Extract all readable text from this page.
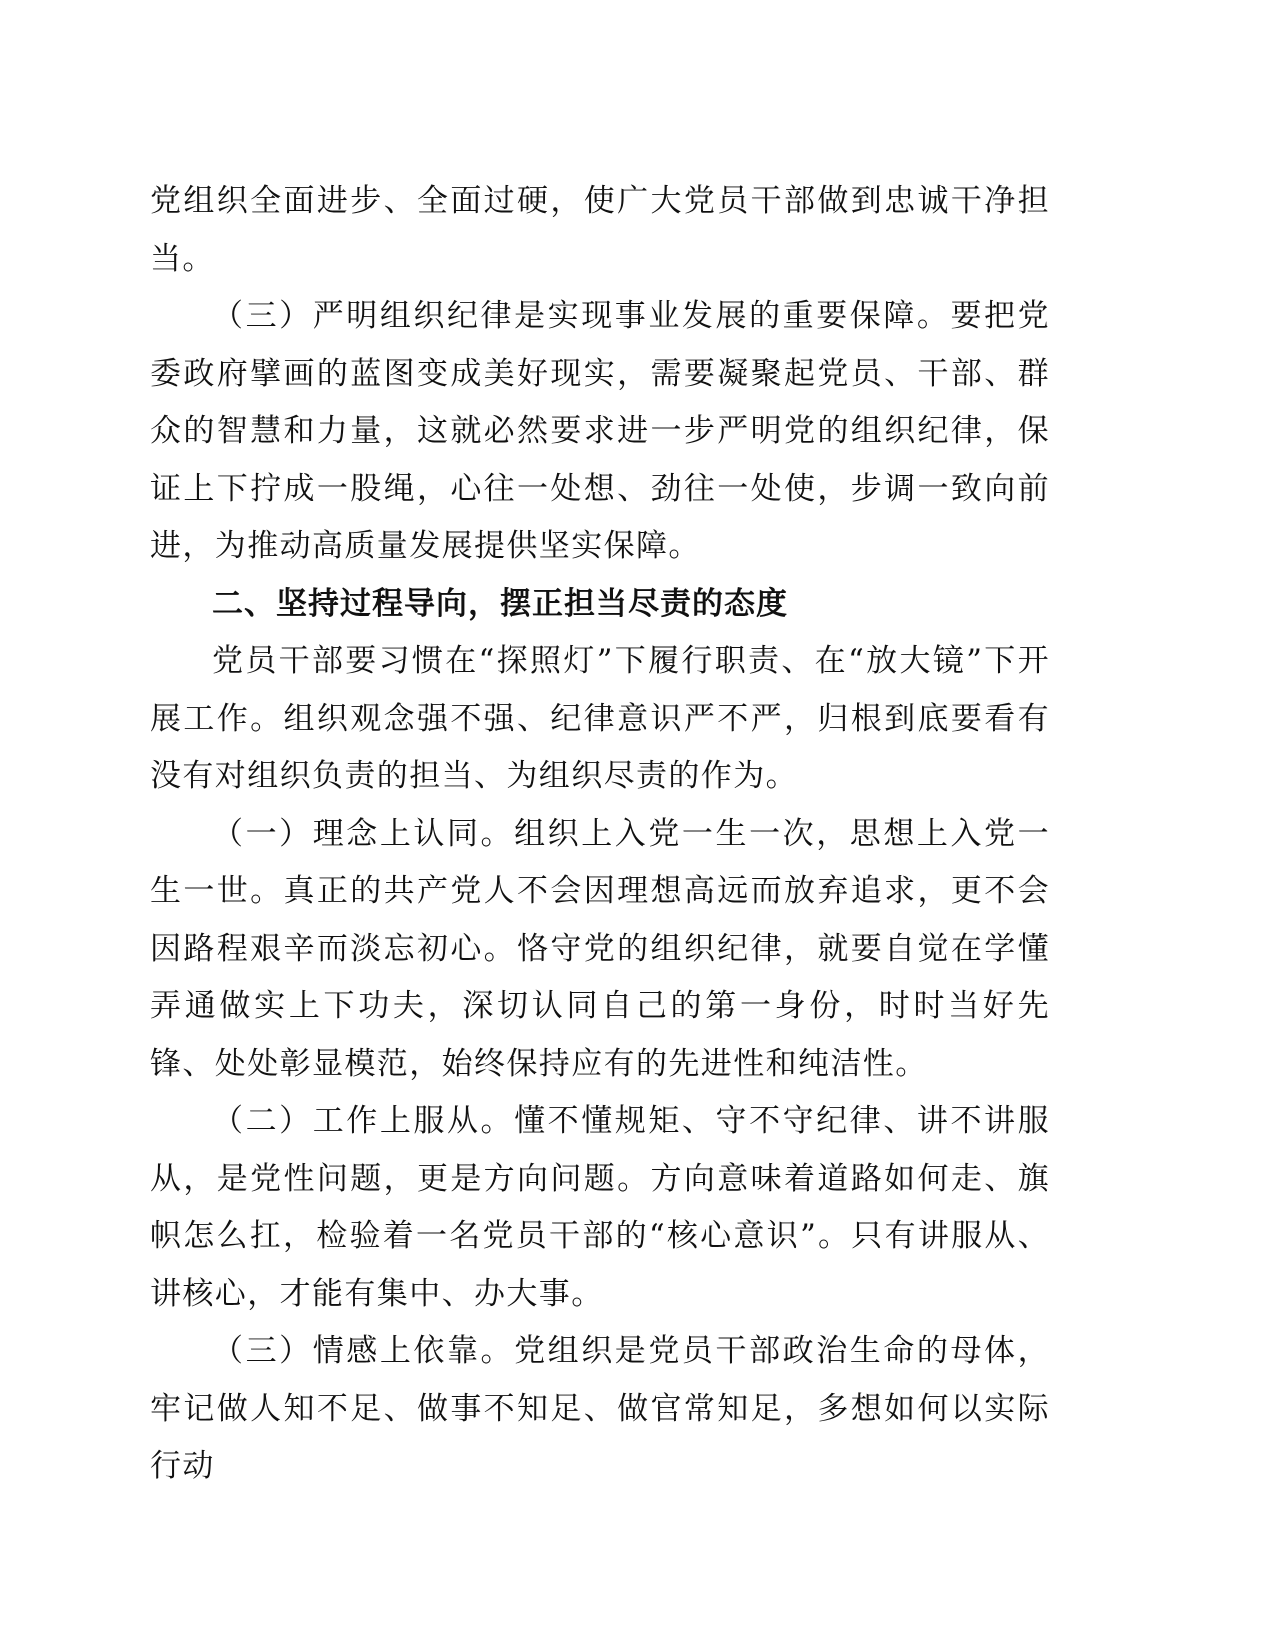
党组织全面进步、全面过硬，使广大党员干部做到忠诚干净担当。

（三）严明组织纪律是实现事业发展的重要保障。要把党委政府擘画的蓝图变成美好现实，需要凝聚起党员、干部、群众的智慧和力量，这就必然要求进一步严明党的组织纪律，保证上下拧成一股绳，心往一处想、劲往一处使，步调一致向前进，为推动高质量发展提供坚实保障。

二、坚持过程导向，摆正担当尽责的态度

党员干部要习惯在“探照灯”下履行职责、在“放大镜”下开展工作。组织观念强不强、纪律意识严不严，归根到底要看有没有对组织负责的担当、为组织尽责的作为。

（一）理念上认同。组织上入党一生一次，思想上入党一生一世。真正的共产党人不会因理想高远而放弃追求，更不会因路程艰辛而淡忘初心。恪守党的组织纪律，就要自觉在学懂弄通做实上下功夫，深切认同自己的第一身份，时时当好先锋、处处彰显模范，始终保持应有的先进性和纯洁性。

（二）工作上服从。懂不懂规矩、守不守纪律、讲不讲服从，是党性问题，更是方向问题。方向意味着道路如何走、旗帜怎么扛，检验着一名党员干部的“核心意识”。只有讲服从、讲核心，才能有集中、办大事。

（三）情感上依靠。党组织是党员干部政治生命的母体，牢记做人知不足、做事不知足、做官常知足，多想如何以实际行动
